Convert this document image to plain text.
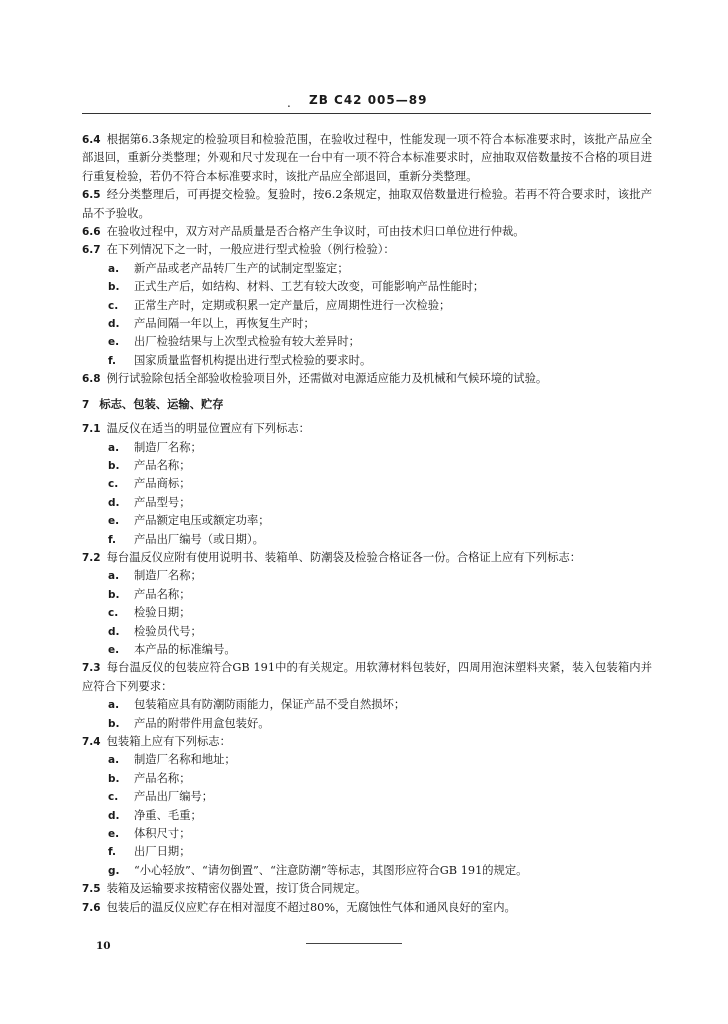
. ZB C42 005—89

6.4 根据第6.3条规定的检验项目和检验范围，在验收过程中，性能发现一项不符合本标准要求时，该批产品应全部退回，重新分类整理；外观和尺寸发现在一台中有一项不符合本标准要求时，应抽取双倍数量按不合格的项目进行重复检验，若仍不符合本标准要求时，该批产品应全部退回，重新分类整理。

6.5 经分类整理后，可再提交检验。复验时，按6.2条规定，抽取双倍数量进行检验。若再不符合要求时，该批产品不予验收。

6.6 在验收过程中，双方对产品质量是否合格产生争议时，可由技术归口单位进行仲裁。

6.7 在下列情况下之一时，一般应进行型式检验（例行检验）：

a. 新产品或老产品转厂生产的试制定型鉴定；

b. 正式生产后，如结构、材料、工艺有较大改变，可能影响产品性能时；

c. 正常生产时，定期或积累一定产量后，应周期性进行一次检验；

d. 产品间隔一年以上，再恢复生产时；

e. 出厂检验结果与上次型式检验有较大差异时；

f. 国家质量监督机构提出进行型式检验的要求时。

6.8 例行试验除包括全部验收检验项目外，还需做对电源适应能力及机械和气候环境的试验。

7 标志、包装、运输、贮存

7.1 温反仪在适当的明显位置应有下列标志：

a. 制造厂名称；

b. 产品名称；

c. 产品商标；

d. 产品型号；

e. 产品额定电压或额定功率；

f. 产品出厂编号（或日期）。

7.2 每台温反仪应附有使用说明书、装箱单、防潮袋及检验合格证各一份。合格证上应有下列标志：

a. 制造厂名称；

b. 产品名称；

c. 检验日期；

d. 检验员代号；

e. 本产品的标准编号。

7.3 每台温反仪的包装应符合GB 191中的有关规定。用软薄材料包装好，四周用泡沫塑料夹紧，装入包装箱内并应符合下列要求：

a. 包装箱应具有防潮防雨能力，保证产品不受自然损坏；

b. 产品的附带件用盒包装好。

7.4 包装箱上应有下列标志：

a. 制造厂名称和地址；

b. 产品名称；

c. 产品出厂编号；

d. 净重、毛重；

e. 体积尺寸；

f. 出厂日期；

g. “小心轻放”、“请勿倒置”、“注意防潮”等标志，其图形应符合GB 191的规定。

7.5 装箱及运输要求按精密仪器处置，按订货合同规定。

7.6 包装后的温反仪应贮存在相对湿度不超过80%，无腐蚀性气体和通风良好的室内。

10
